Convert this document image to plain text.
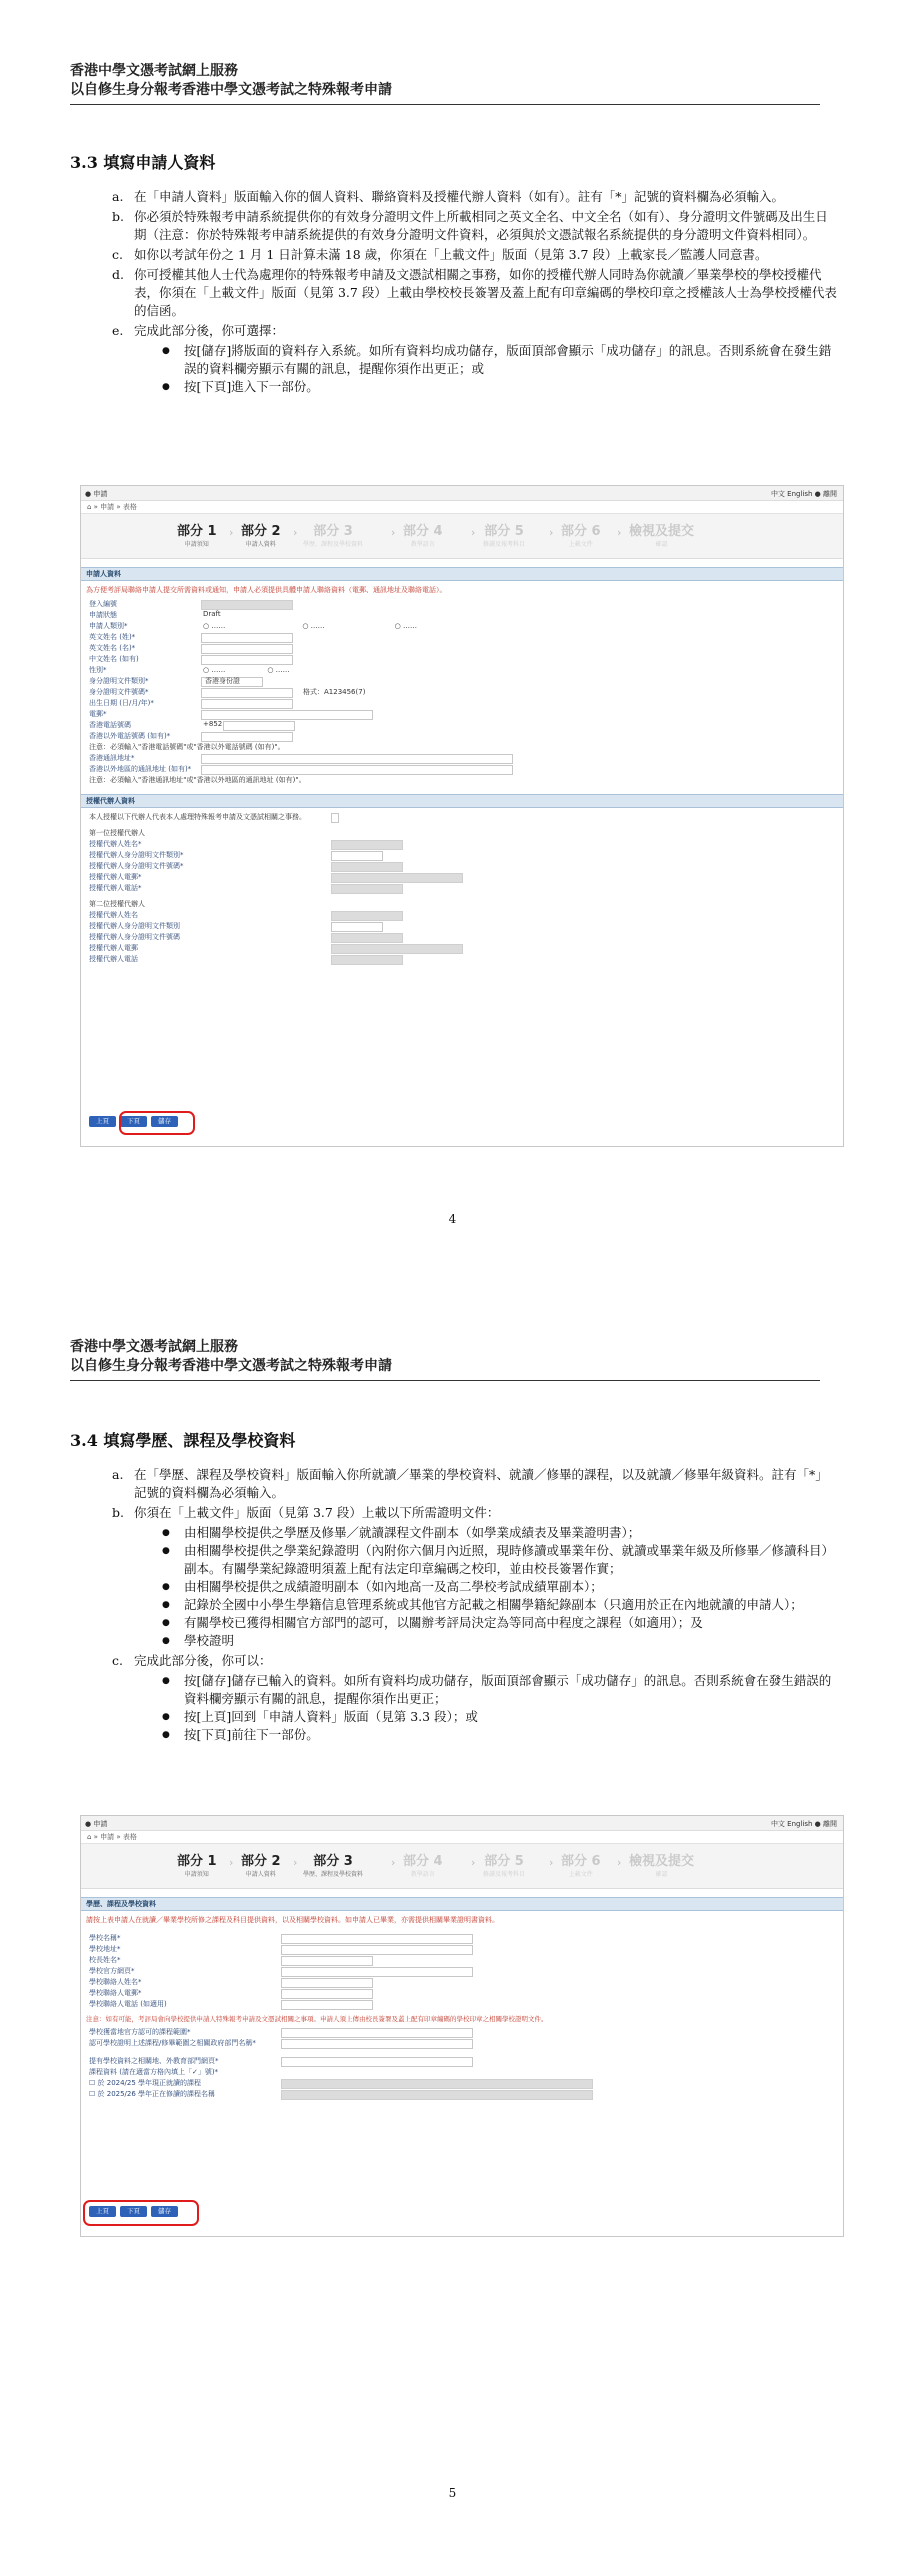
香港中學文憑考試網上服務
以自修生身分報考香港中學文憑考試之特殊報考申請
3.3 填寫申請人資料
a. 在「申請人資料」版面輸入你的個人資料、聯絡資料及授權代辦人資料（如有）。註有「*」記號的資料欄為必須輸入。
b. 你必須於特殊報考申請系統提供你的有效身分證明文件上所載相同之英文全名、中文全名（如有）、身分證明文件號碼及出生日期（注意：你於特殊報考申請系統提供的有效身分證明文件資料，必須與於文憑試報名系統提供的身分證明文件資料相同）。
c. 如你以考試年份之 1 月 1 日計算未滿 18 歲，你須在「上載文件」版面（見第 3.7 段）上載家長／監護人同意書。
d. 你可授權其他人士代為處理你的特殊報考申請及文憑試相關之事務，如你的授權代辦人同時為你就讀／畢業學校的學校授權代表，你須在「上載文件」版面（見第 3.7 段）上載由學校校長簽署及蓋上配有印章編碼的學校印章之授權該人士為學校授權代表的信函。
e. 完成此部分後，你可選擇：
● 按[儲存]將版面的資料存入系統。如所有資料均成功儲存，版面頂部會顯示「成功儲存」的訊息。否則系統會在發生錯誤的資料欄旁顯示有關的訊息，提醒你須作出更正；或
● 按[下頁]進入下一部份。
● 申請	中文 English ● 離開
⌂ » 申請 » 表格
部分 1
申請須知
› 部分 2
申請人資料
›	部分 3
學歷、課程及學校資料
› 部分 4
教學語言
› 部分 5
修讀及報考科目
› 部分 6
上載文件
› 檢視及提交
確認
申請人資料
為方便考評局聯絡申請人提交所需資料或通知，申請人必須提供具體申請人聯絡資料（電郵、通訊地址及聯絡電話）。
登入編號
申請狀態	Draft
申請人類別*	○ ……　　　　　　　　　　　○ ……　　　　　　　　　　○ ……
英文姓名 (姓)*
英文姓名 (名)*
中文姓名 (如有)
性別*	○ ……　　　　　　○ ……
身分證明文件類別*	香港身份證
身分證明文件號碼*	格式：A123456(7)
出生日期 (日/月/年)*
電郵*
香港電話號碼	+852
香港以外電話號碼 (如有)*
注意：必須輸入"香港電話號碼"或"香港以外電話號碼 (如有)"。
香港通訊地址*
香港以外地區的通訊地址 (如有)*
注意：必須輸入"香港通訊地址"或"香港以外地區的通訊地址 (如有)"。
授權代辦人資料
本人授權以下代辦人代表本人處理特殊報考申請及文憑試相關之事務。
第一位授權代辦人
授權代辦人姓名*
授權代辦人身分證明文件類別*
授權代辦人身分證明文件號碼*
授權代辦人電郵*
授權代辦人電話*
第二位授權代辦人
授權代辦人姓名
授權代辦人身分證明文件類別
授權代辦人身分證明文件號碼
授權代辦人電郵
授權代辦人電話
上頁	下頁	儲存
4
香港中學文憑考試網上服務
以自修生身分報考香港中學文憑考試之特殊報考申請
3.4 填寫學歷、課程及學校資料
a. 在「學歷、課程及學校資料」版面輸入你所就讀／畢業的學校資料、就讀／修畢的課程，以及就讀／修畢年級資料。註有「*」記號的資料欄為必須輸入。
b. 你須在「上載文件」版面（見第 3.7 段）上載以下所需證明文件：
● 由相關學校提供之學歷及修畢／就讀課程文件副本（如學業成績表及畢業證明書）；
● 由相關學校提供之學業紀錄證明（內附你六個月內近照，現時修讀或畢業年份、就讀或畢業年級及所修畢／修讀科目）副本。有關學業紀錄證明須蓋上配有法定印章編碼之校印，並由校長簽署作實；
● 由相關學校提供之成績證明副本（如內地高一及高二學校考試成績單副本）；
● 記錄於全國中小學生學籍信息管理系統或其他官方記載之相關學籍紀錄副本（只適用於正在內地就讀的申請人）；
● 有關學校已獲得相關官方部門的認可，以關辦考評局決定為等同高中程度之課程（如適用）；及
● 學校證明
c. 完成此部分後，你可以：
● 按[儲存]儲存已輸入的資料。如所有資料均成功儲存，版面頂部會顯示「成功儲存」的訊息。否則系統會在發生錯誤的資料欄旁顯示有關的訊息，提醒你須作出更正；
● 按[上頁]回到「申請人資料」版面（見第 3.3 段）；或
● 按[下頁]前往下一部份。
● 申請	中文 English ● 離開
⌂ » 申請 » 表格
部分 1
申請須知
› 部分 2
申請人資料
›	部分 3
學歷、課程及學校資料
› 部分 4
教學語言
› 部分 5
修讀及報考科目
› 部分 6
上載文件
› 檢視及提交
確認
學歷、課程及學校資料
請按上表申請人在就讀／畢業學校所修之課程及科目提供資料，以及相關學校資料。如申請人已畢業，亦需提供相關畢業證明書資料。
學校名稱*
學校地址*
校長姓名*
學校官方網頁*
學校聯絡人姓名*
學校聯絡人電郵*
學校聯絡人電話 (如適用)
注意：如有可能，考評局會向學校提供申請人特殊報考申請及文憑試相關之事項。申請人須上傳由校長簽署及蓋上配有印章編碼的學校印章之相關學校證明文件。
學校獲當地官方認可的課程範圍*
認可學校證明上述課程/修畢範圍之相關政府部門名稱*
提有學校資料之相關地、外教育部門網頁*
課程資料 (請在適當方格內填上「✓」號)*
☐ 於 2024/25 學年現正就讀的課程
☐ 於 2025/26 學年正在修讀的課程名稱
上頁	下頁	儲存
5
